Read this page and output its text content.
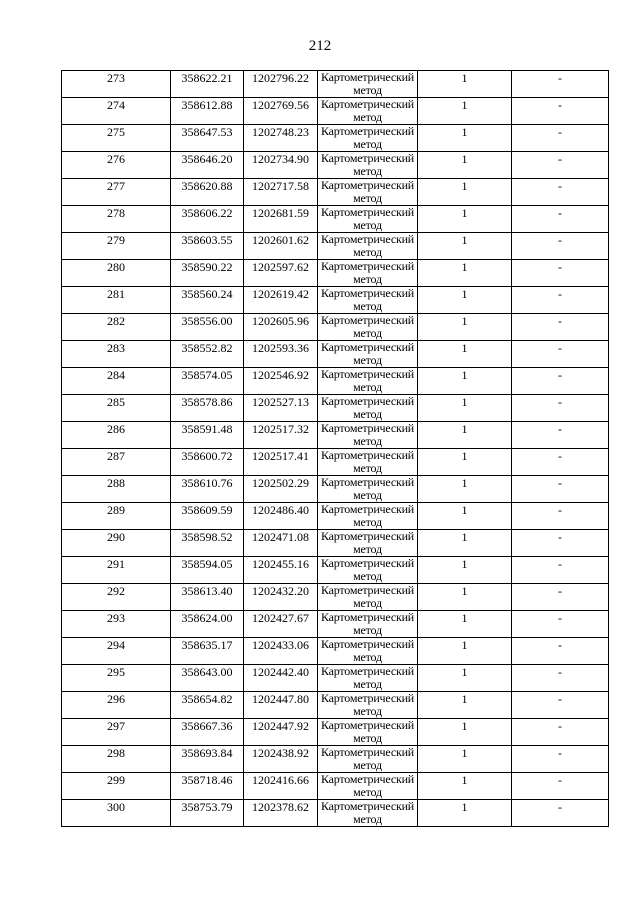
212
273	358622.21	1202796.22	Картометрический метод	1	-
274	358612.88	1202769.56	Картометрический метод	1	-
275	358647.53	1202748.23	Картометрический метод	1	-
276	358646.20	1202734.90	Картометрический метод	1	-
277	358620.88	1202717.58	Картометрический метод	1	-
278	358606.22	1202681.59	Картометрический метод	1	-
279	358603.55	1202601.62	Картометрический метод	1	-
280	358590.22	1202597.62	Картометрический метод	1	-
281	358560.24	1202619.42	Картометрический метод	1	-
282	358556.00	1202605.96	Картометрический метод	1	-
283	358552.82	1202593.36	Картометрический метод	1	-
284	358574.05	1202546.92	Картометрический метод	1	-
285	358578.86	1202527.13	Картометрический метод	1	-
286	358591.48	1202517.32	Картометрический метод	1	-
287	358600.72	1202517.41	Картометрический метод	1	-
288	358610.76	1202502.29	Картометрический метод	1	-
289	358609.59	1202486.40	Картометрический метод	1	-
290	358598.52	1202471.08	Картометрический метод	1	-
291	358594.05	1202455.16	Картометрический метод	1	-
292	358613.40	1202432.20	Картометрический метод	1	-
293	358624.00	1202427.67	Картометрический метод	1	-
294	358635.17	1202433.06	Картометрический метод	1	-
295	358643.00	1202442.40	Картометрический метод	1	-
296	358654.82	1202447.80	Картометрический метод	1	-
297	358667.36	1202447.92	Картометрический метод	1	-
298	358693.84	1202438.92	Картометрический метод	1	-
299	358718.46	1202416.66	Картометрический метод	1	-
300	358753.79	1202378.62	Картометрический метод	1	-
